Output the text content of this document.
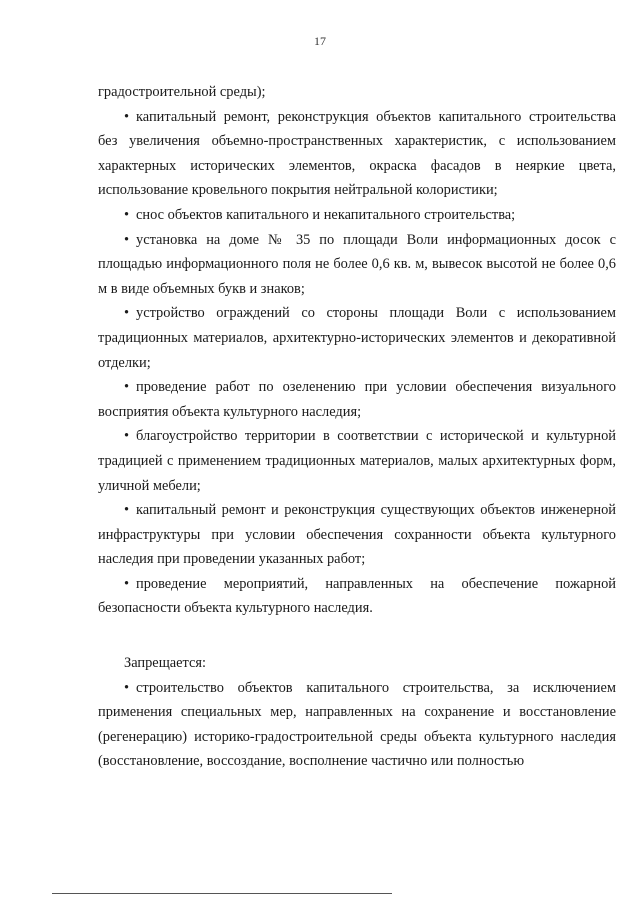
17

градостроительной среды);

• капитальный ремонт, реконструкция объектов капитального строительства без увеличения объемно-пространственных характеристик, с использованием характерных исторических элементов, окраска фасадов в неяркие цвета, использование кровельного покрытия нейтральной колористики;

• снос объектов капитального и некапитального строительства;

• установка на доме № 35 по площади Воли информационных досок с площадью информационного поля не более 0,6 кв. м, вывесок высотой не более 0,6 м в виде объемных букв и знаков;

• устройство ограждений со стороны площади Воли с использованием традиционных материалов, архитектурно-исторических элементов и декоративной отделки;

• проведение работ по озеленению при условии обеспечения визуального восприятия объекта культурного наследия;

• благоустройство территории в соответствии с исторической и культурной традицией с применением традиционных материалов, малых архитектурных форм, уличной мебели;

• капитальный ремонт и реконструкция существующих объектов инженерной инфраструктуры при условии обеспечения сохранности объекта культурного наследия при проведении указанных работ;

• проведение мероприятий, направленных на обеспечение пожарной безопасности объекта культурного наследия.

Запрещается:

• строительство объектов капитального строительства, за исключением применения специальных мер, направленных на сохранение и восстановление (регенерацию) историко-градостроительной среды объекта культурного наследия (восстановление, воссоздание, восполнение частично или полностью
